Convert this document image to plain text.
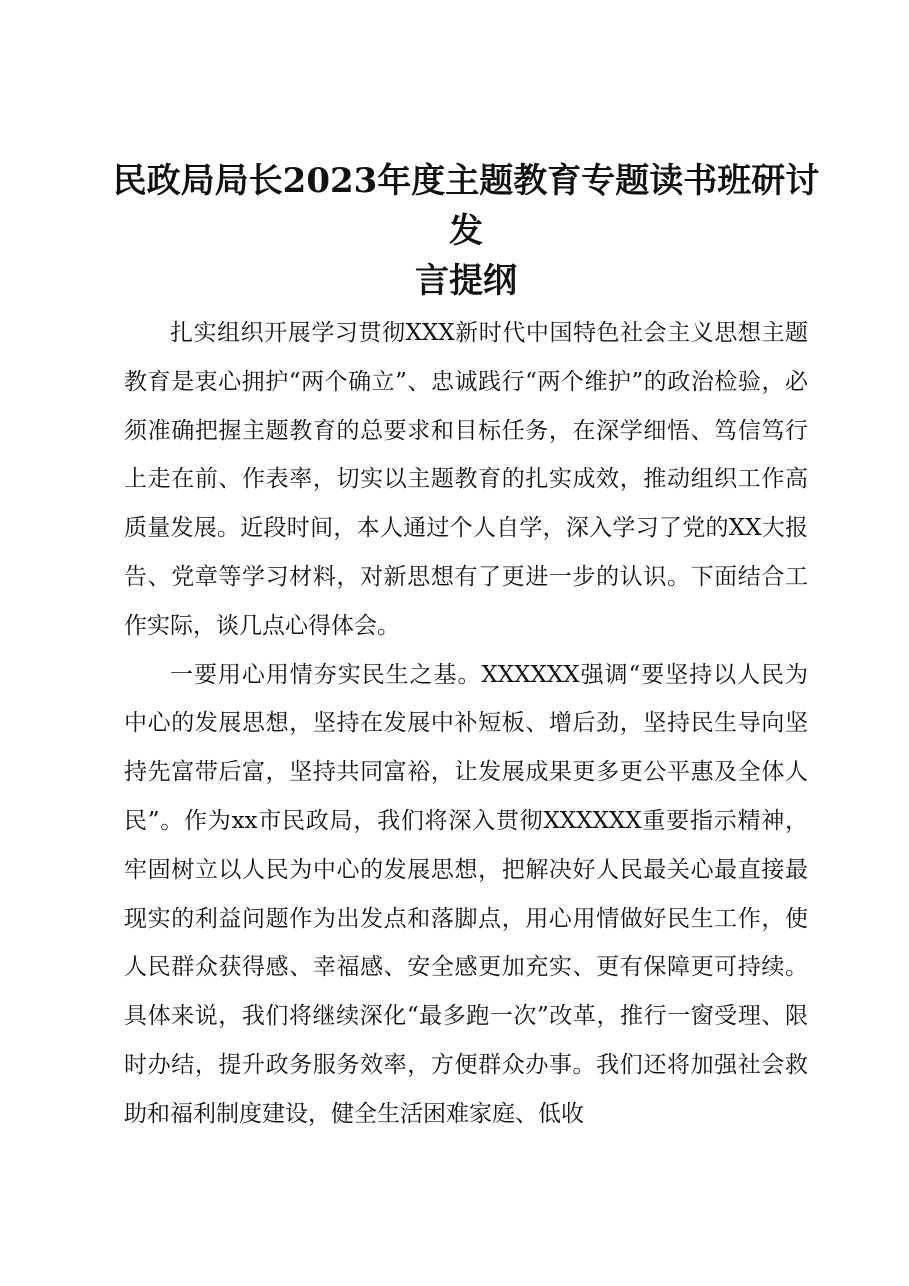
民政局局长2023年度主题教育专题读书班研讨发
言提纲

扎实组织开展学习贯彻XXX新时代中国特色社会主义思想主题教育是衷心拥护“两个确立”、忠诚践行“两个维护”的政治检验，必须准确把握主题教育的总要求和目标任务，在深学细悟、笃信笃行上走在前、作表率，切实以主题教育的扎实成效，推动组织工作高质量发展。近段时间，本人通过个人自学，深入学习了党的XX大报告、党章等学习材料，对新思想有了更进一步的认识。下面结合工作实际，谈几点心得体会。

一要用心用情夯实民生之基。XXXXXX强调“要坚持以人民为中心的发展思想，坚持在发展中补短板、增后劲，坚持民生导向坚持先富带后富，坚持共同富裕，让发展成果更多更公平惠及全体人民”。作为xx市民政局，我们将深入贯彻XXXXXX重要指示精神，牢固树立以人民为中心的发展思想，把解决好人民最关心最直接最现实的利益问题作为出发点和落脚点，用心用情做好民生工作，使人民群众获得感、幸福感、安全感更加充实、更有保障更可持续。具体来说，我们将继续深化“最多跑一次”改革，推行一窗受理、限时办结，提升政务服务效率，方便群众办事。我们还将加强社会救助和福利制度建设，健全生活困难家庭、低收
